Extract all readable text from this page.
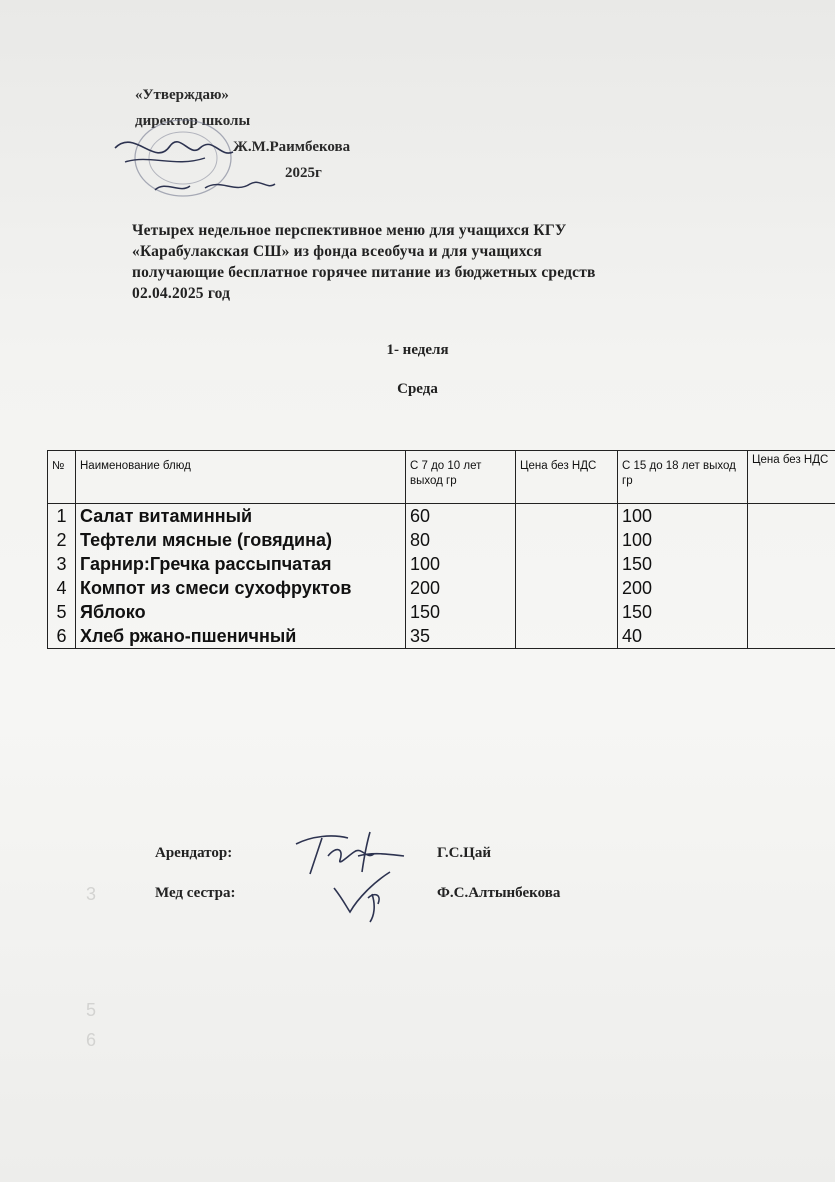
«Утверждаю»
директор школы
Ж.М.Раимбекова
2025г
Четырех недельное перспективное меню для учащихся КГУ
«Карабулакская СШ» из фонда всеобуча и для учащихся
получающие бесплатное горячее питание из бюджетных средств
02.04.2025 год
1- неделя
Среда
№	Наименование блюд	С 7 до 10 лет выход гр	Цена без НДС	С 15 до 18 лет выход гр	Цена без НДС
1	Салат витаминный	60		100	
2	Тефтели мясные (говядина)	80		100	
3	Гарнир:Гречка рассыпчатая	100		150	
4	Компот из смеси сухофруктов	200		200	
5	Яблоко	150		150	
6	Хлеб ржано-пшеничный	35		40	
3
5
6
Арендатор:	Г.С.Цай
Мед сестра:	Ф.С.Алтынбекова
